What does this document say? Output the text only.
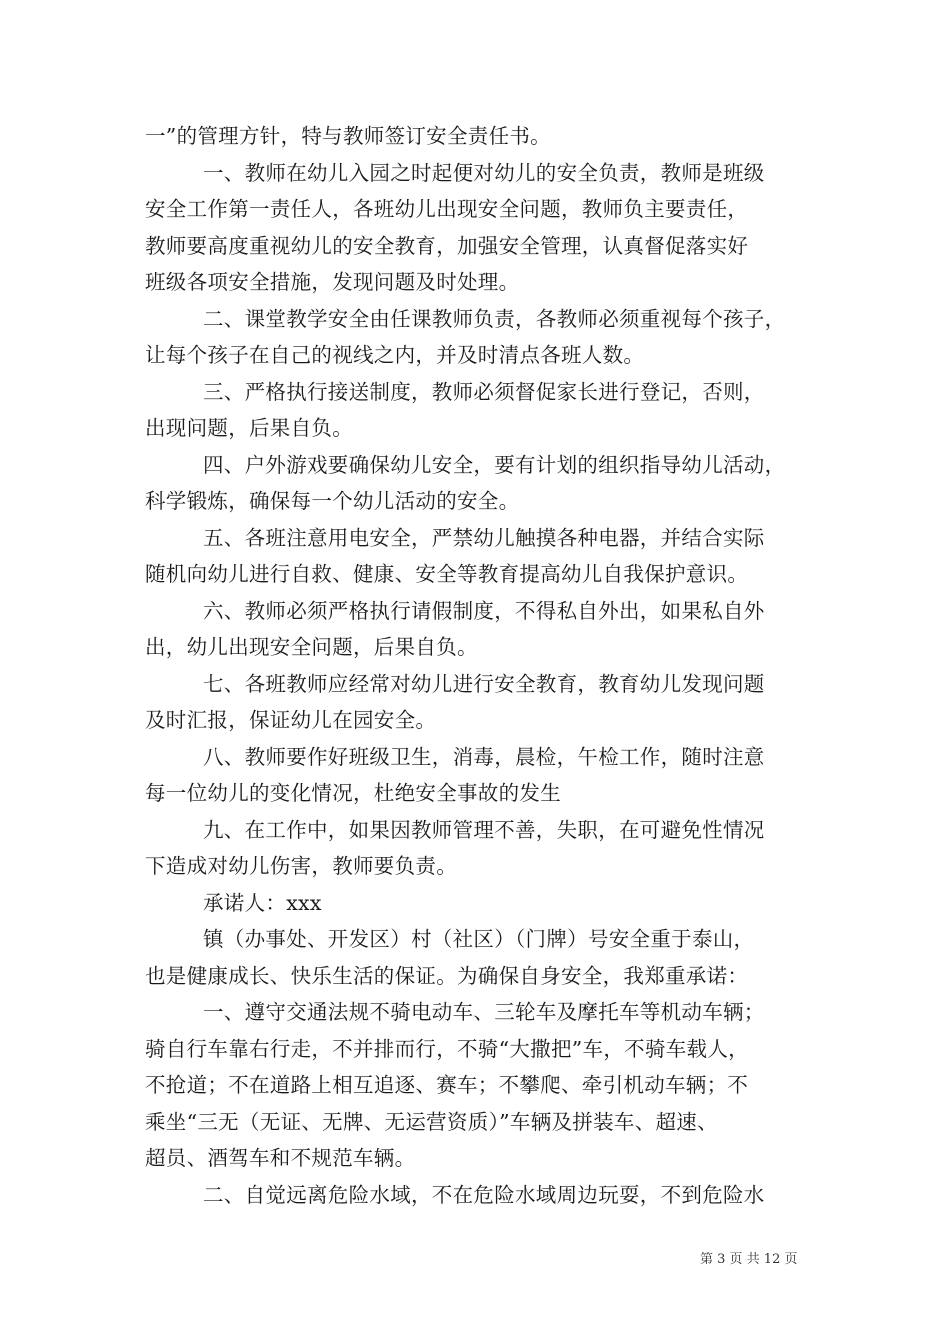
一”的管理方针，特与教师签订安全责任书。
一、教师在幼儿入园之时起便对幼儿的安全负责，教师是班级
安全工作第一责任人，各班幼儿出现安全问题，教师负主要责任，
教师要高度重视幼儿的安全教育，加强安全管理，认真督促落实好
班级各项安全措施，发现问题及时处理。
二、课堂教学安全由任课教师负责，各教师必须重视每个孩子，
让每个孩子在自己的视线之内，并及时清点各班人数。
三、严格执行接送制度，教师必须督促家长进行登记，否则，
出现问题，后果自负。
四、户外游戏要确保幼儿安全，要有计划的组织指导幼儿活动，
科学锻炼，确保每一个幼儿活动的安全。
五、各班注意用电安全，严禁幼儿触摸各种电器，并结合实际
随机向幼儿进行自救、健康、安全等教育提高幼儿自我保护意识。
六、教师必须严格执行请假制度，不得私自外出，如果私自外
出，幼儿出现安全问题，后果自负。
七、各班教师应经常对幼儿进行安全教育，教育幼儿发现问题
及时汇报，保证幼儿在园安全。
八、教师要作好班级卫生，消毒，晨检，午检工作，随时注意
每一位幼儿的变化情况，杜绝安全事故的发生
九、在工作中，如果因教师管理不善，失职，在可避免性情况
下造成对幼儿伤害，教师要负责。
承诺人：xxx
镇（办事处、开发区）村（社区）（门牌）号安全重于泰山，
也是健康成长、快乐生活的保证。为确保自身安全，我郑重承诺：
一、遵守交通法规不骑电动车、三轮车及摩托车等机动车辆；
骑自行车靠右行走，不并排而行，不骑“大撒把”车，不骑车载人，
不抢道；不在道路上相互追逐、赛车；不攀爬、牵引机动车辆；不
乘坐“三无（无证、无牌、无运营资质）”车辆及拼装车、超速、
超员、酒驾车和不规范车辆。
二、自觉远离危险水域，不在危险水域周边玩耍，不到危险水
第 3 页 共 12 页
